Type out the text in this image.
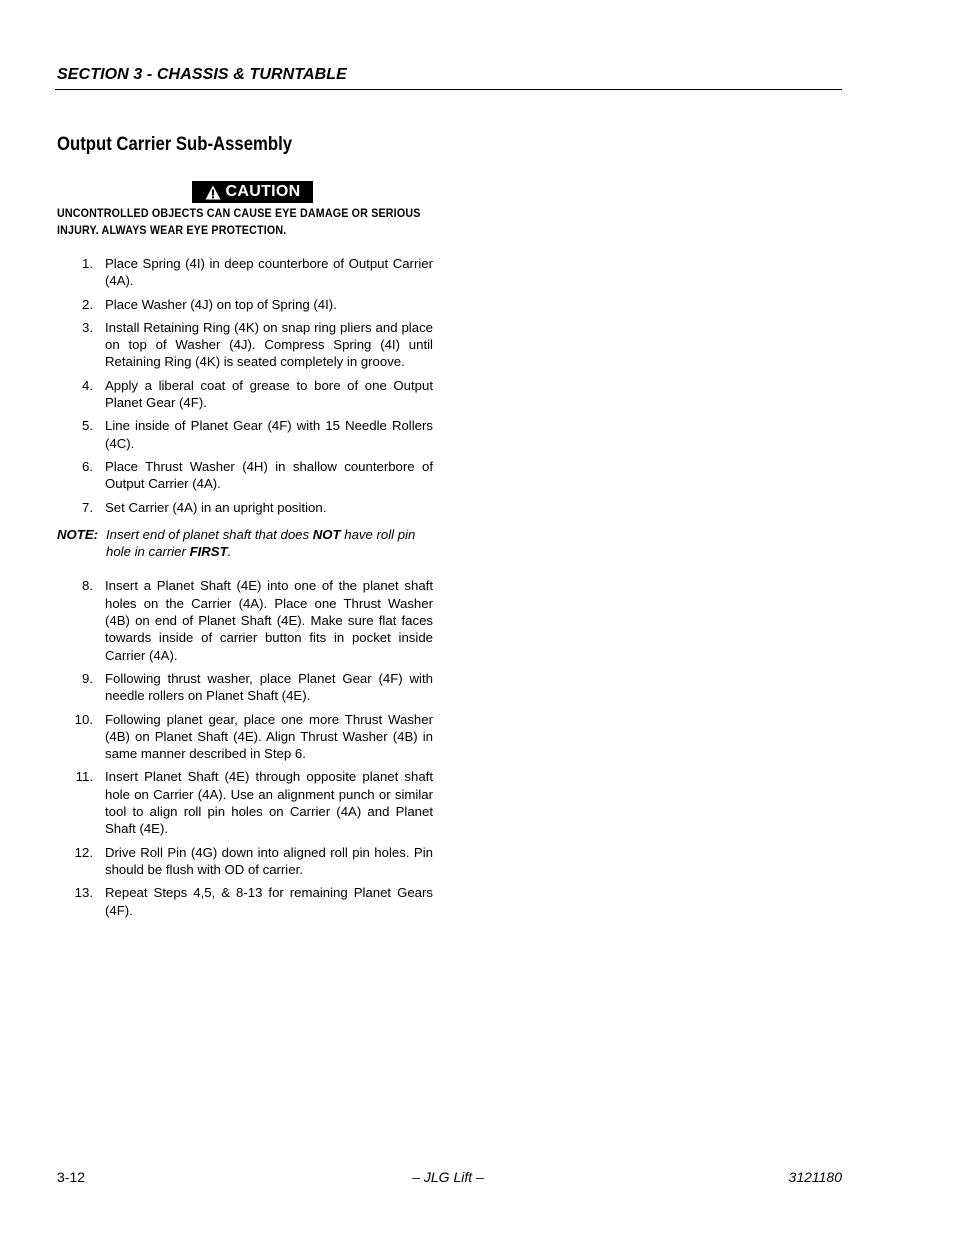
SECTION 3 - CHASSIS & TURNTABLE
Output Carrier Sub-Assembly
CAUTION
UNCONTROLLED OBJECTS CAN CAUSE EYE DAMAGE OR SERIOUS INJURY. ALWAYS WEAR EYE PROTECTION.
1. Place Spring (4I) in deep counterbore of Output Carrier (4A).
2. Place Washer (4J) on top of Spring (4I).
3. Install Retaining Ring (4K) on snap ring pliers and place on top of Washer (4J). Compress Spring (4I) until Retaining Ring (4K) is seated completely in groove.
4. Apply a liberal coat of grease to bore of one Output Planet Gear (4F).
5. Line inside of Planet Gear (4F) with 15 Needle Rollers (4C).
6. Place Thrust Washer (4H) in shallow counterbore of Output Carrier (4A).
7. Set Carrier (4A) in an upright position.
NOTE: Insert end of planet shaft that does NOT have roll pin hole in carrier FIRST.
8. Insert a Planet Shaft (4E) into one of the planet shaft holes on the Carrier (4A). Place one Thrust Washer (4B) on end of Planet Shaft (4E). Make sure flat faces towards inside of carrier button fits in pocket inside Carrier (4A).
9. Following thrust washer, place Planet Gear (4F) with needle rollers on Planet Shaft (4E).
10. Following planet gear, place one more Thrust Washer (4B) on Planet Shaft (4E). Align Thrust Washer (4B) in same manner described in Step 6.
11. Insert Planet Shaft (4E) through opposite planet shaft hole on Carrier (4A). Use an alignment punch or similar tool to align roll pin holes on Carrier (4A) and Planet Shaft (4E).
12. Drive Roll Pin (4G) down into aligned roll pin holes. Pin should be flush with OD of carrier.
13. Repeat Steps 4,5, & 8-13 for remaining Planet Gears (4F).
3-12	– JLG Lift –	3121180
